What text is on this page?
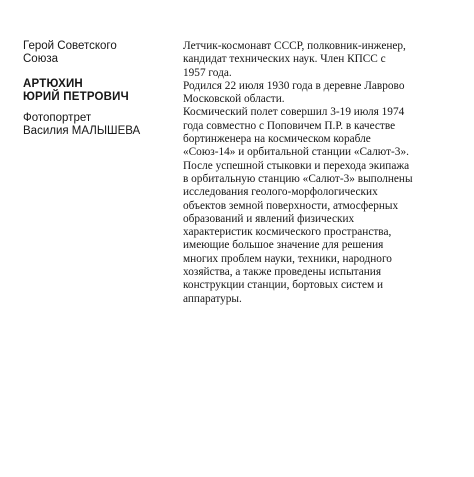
Герой Советского
Союза
АРТЮХИН
ЮРИЙ ПЕТРОВИЧ
Фотопортрет
Василия МАЛЫШЕВА
Летчик-космонавт СССР, полковник-инженер,
кандидат технических наук. Член КПСС с
1957 года.
Родился 22 июля 1930 года в деревне Лаврово
Московской области.
Космический полет совершил 3-19 июля 1974
года совместно с Поповичем П.Р. в качестве
бортинженера на космическом корабле
«Союз-14» и орбитальной станции «Салют-3».
После успешной стыковки и перехода экипажа
в орбитальную станцию «Салют-3» выполнены
исследования геолого-морфологических
объектов земной поверхности, атмосферных
образований и явлений физических
характеристик космического пространства,
имеющие большое значение для решения
многих проблем науки, техники, народного
хозяйства, а также проведены испытания
конструкции станции, бортовых систем и
аппаратуры.
